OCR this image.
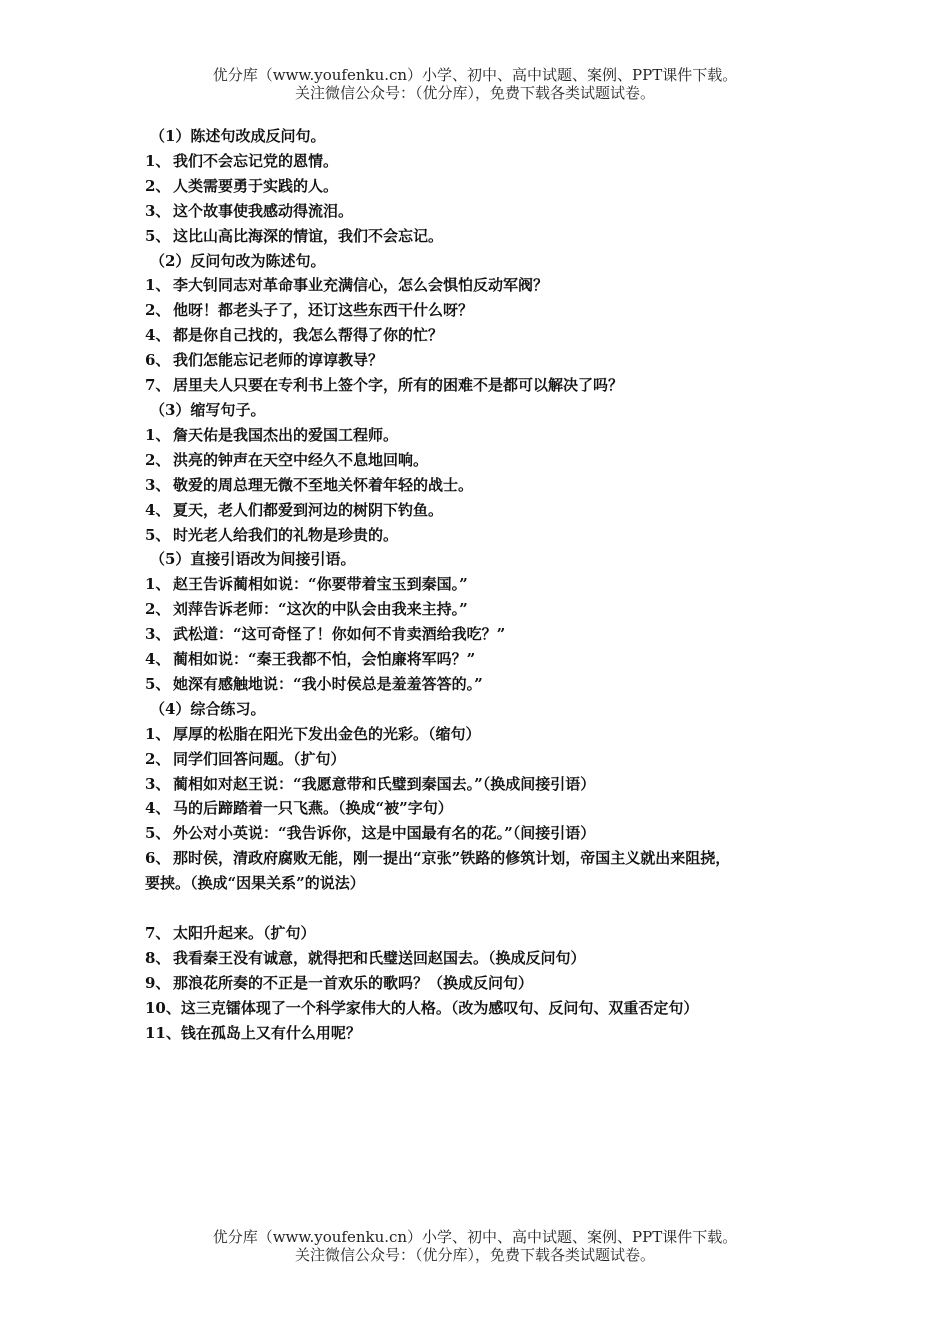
优分库（www.youfenku.cn）小学、初中、高中试题、案例、PPT课件下载。
关注微信公众号：（优分库），免费下载各类试题试卷。
（1）陈述句改成反问句。
1、 我们不会忘记党的恩情。
2、 人类需要勇于实践的人。
3、 这个故事使我感动得流泪。
5、 这比山高比海深的情谊，我们不会忘记。
（2）反问句改为陈述句。
1、 李大钊同志对革命事业充满信心，怎么会惧怕反动军阀？
2、 他呀！都老头子了，还订这些东西干什么呀？
4、 都是你自己找的，我怎么帮得了你的忙？
6、 我们怎能忘记老师的谆谆教导？
7、 居里夫人只要在专利书上签个字，所有的困难不是都可以解决了吗？
（3）缩写句子。
1、 詹天佑是我国杰出的爱国工程师。
2、 洪亮的钟声在天空中经久不息地回响。
3、 敬爱的周总理无微不至地关怀着年轻的战士。
4、 夏天，老人们都爱到河边的树阴下钓鱼。
5、 时光老人给我们的礼物是珍贵的。
（5）直接引语改为间接引语。
1、 赵王告诉蔺相如说：“你要带着宝玉到秦国。”
2、 刘萍告诉老师：“这次的中队会由我来主持。”
3、 武松道：“这可奇怪了！你如何不肯卖酒给我吃？”
4、 蔺相如说：“秦王我都不怕，会怕廉将军吗？”
5、 她深有感触地说：“我小时侯总是羞羞答答的。”
（4）综合练习。
1、 厚厚的松脂在阳光下发出金色的光彩。（缩句）
2、 同学们回答问题。（扩句）
3、 蔺相如对赵王说：“我愿意带和氏璧到秦国去。”（换成间接引语）
4、 马的后蹄踏着一只飞燕。（换成“被”字句）
5、 外公对小英说：“我告诉你，这是中国最有名的花。”（间接引语）
6、 那时侯，清政府腐败无能，刚一提出“京张”铁路的修筑计划，帝国主义就出来阻挠，
要挟。（换成“因果关系”的说法）
7、 太阳升起来。（扩句）
8、 我看秦王没有诚意，就得把和氏璧送回赵国去。（换成反问句）
9、 那浪花所奏的不正是一首欢乐的歌吗？（换成反问句）
10、这三克镭体现了一个科学家伟大的人格。（改为感叹句、反问句、双重否定句）
11、钱在孤岛上又有什么用呢？
优分库（www.youfenku.cn）小学、初中、高中试题、案例、PPT课件下载。
关注微信公众号：（优分库），免费下载各类试题试卷。
